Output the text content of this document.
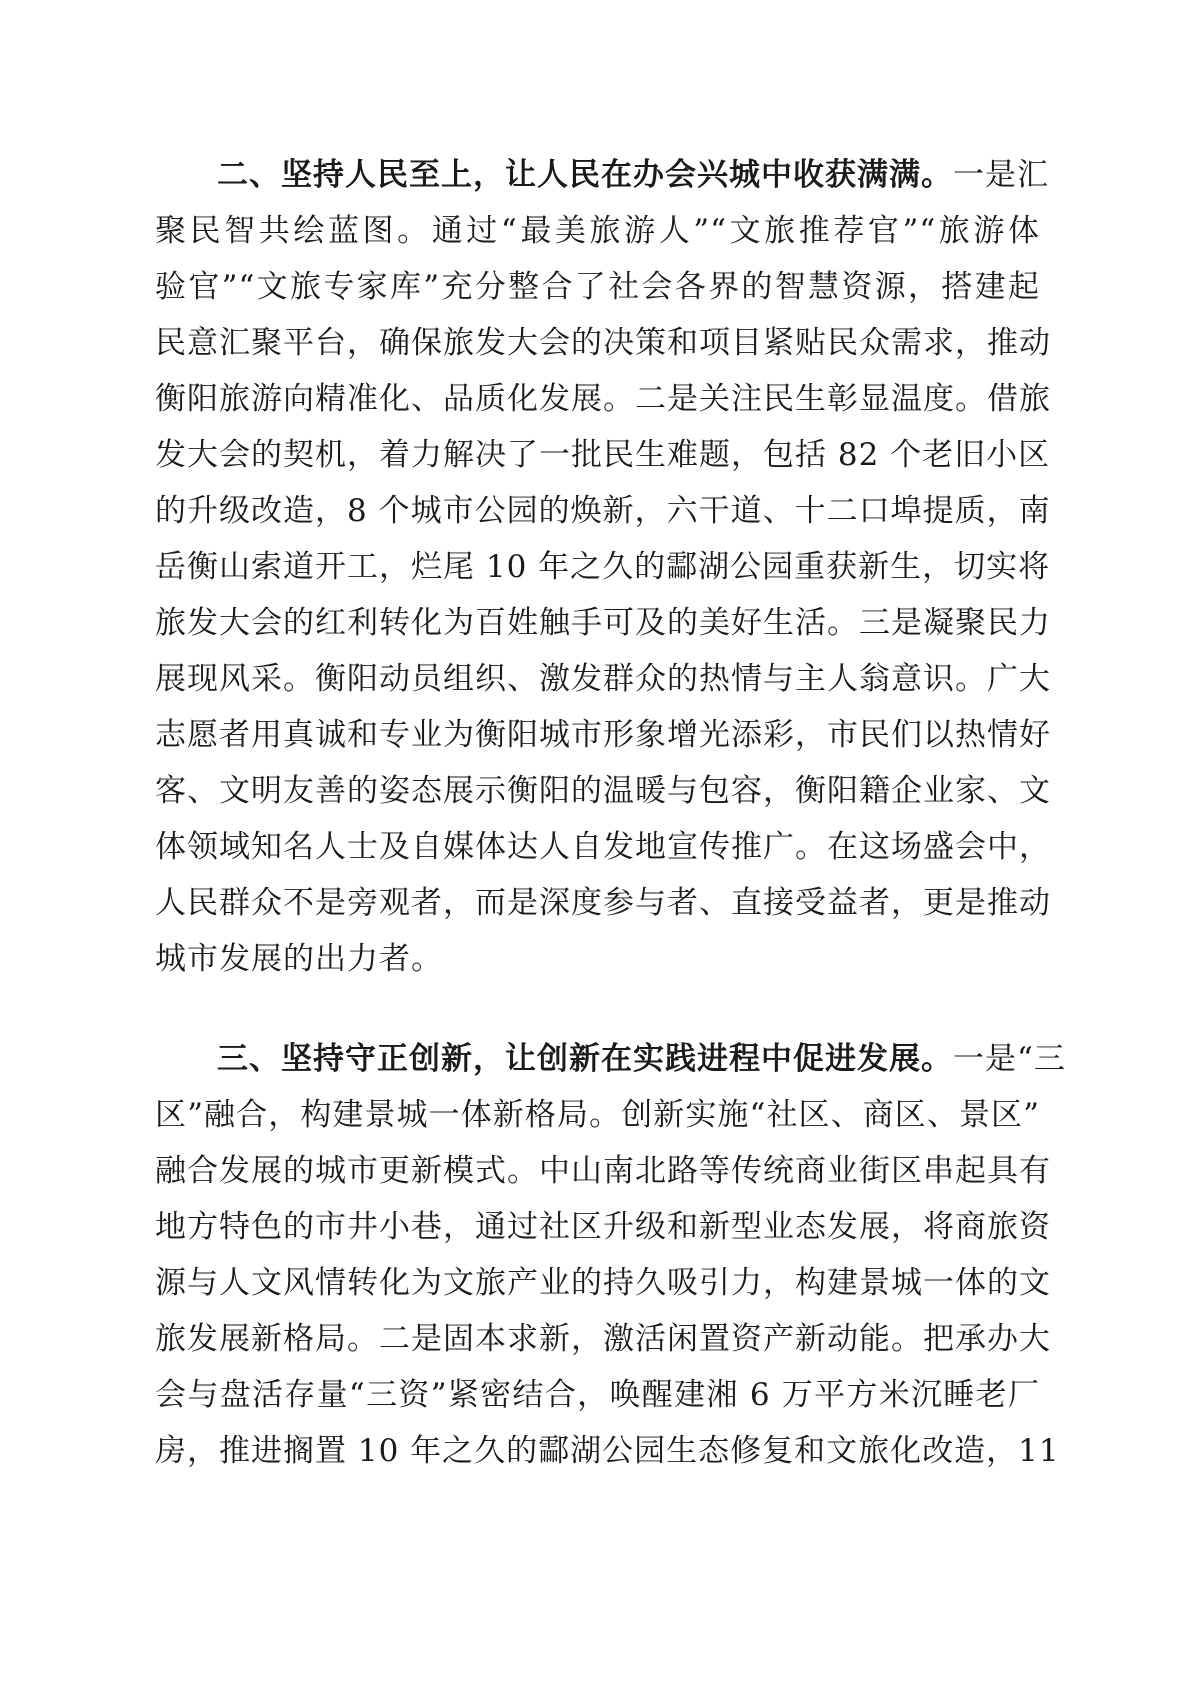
二、坚持人民至上，让人民在办会兴城中收获满满。一是汇
聚民智共绘蓝图。通过“最美旅游人”“文旅推荐官”“旅游体
验官”“文旅专家库”充分整合了社会各界的智慧资源，搭建起
民意汇聚平台，确保旅发大会的决策和项目紧贴民众需求，推动
衡阳旅游向精准化、品质化发展。二是关注民生彰显温度。借旅
发大会的契机，着力解决了一批民生难题，包括 82 个老旧小区
的升级改造，8 个城市公园的焕新，六干道、十二口埠提质，南
岳衡山索道开工，烂尾 10 年之久的酃湖公园重获新生，切实将
旅发大会的红利转化为百姓触手可及的美好生活。三是凝聚民力
展现风采。衡阳动员组织、激发群众的热情与主人翁意识。广大
志愿者用真诚和专业为衡阳城市形象增光添彩，市民们以热情好
客、文明友善的姿态展示衡阳的温暖与包容，衡阳籍企业家、文
体领域知名人士及自媒体达人自发地宣传推广。在这场盛会中，
人民群众不是旁观者，而是深度参与者、直接受益者，更是推动
城市发展的出力者。
三、坚持守正创新，让创新在实践进程中促进发展。一是“三
区”融合，构建景城一体新格局。创新实施“社区、商区、景区”
融合发展的城市更新模式。中山南北路等传统商业街区串起具有
地方特色的市井小巷，通过社区升级和新型业态发展，将商旅资
源与人文风情转化为文旅产业的持久吸引力，构建景城一体的文
旅发展新格局。二是固本求新，激活闲置资产新动能。把承办大
会与盘活存量“三资”紧密结合，唤醒建湘 6 万平方米沉睡老厂
房，推进搁置 10 年之久的酃湖公园生态修复和文旅化改造，11
